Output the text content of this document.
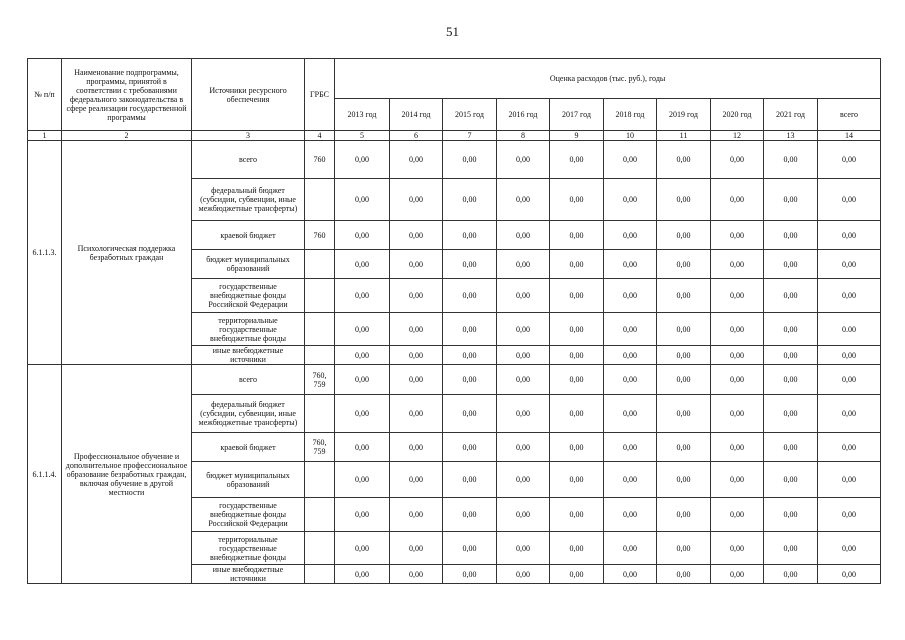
51
№ п/п	Наименование подпрограммы, программы, принятой в соответствии с требованиями федерального законодательства в сфере реализации государственной программы	Источники ресурсного обеспечения	ГРБС	Оценка расходов (тыс. руб.), годы									
				2013 год	2014 год	2015 год	2016 год	2017 год	2018 год	2019 год	2020 год	2021 год	всего
1	2	3	4	5	6	7	8	9	10	11	12	13	14
6.1.1.3.	Психологическая поддержка безработных граждан	всего	760	0,00	0,00	0,00	0,00	0,00	0,00	0,00	0,00	0,00	0,00
		федеральный бюджет (субсидии, субвенции, иные межбюджетные трансферты)		0,00	0,00	0,00	0,00	0,00	0,00	0,00	0,00	0,00	0,00
		краевой бюджет	760	0,00	0,00	0,00	0,00	0,00	0,00	0,00	0,00	0,00	0,00
		бюджет муниципальных образований		0,00	0,00	0,00	0,00	0,00	0,00	0,00	0,00	0,00	0,00
		государственные внебюджетные фонды Российской Федерации		0,00	0,00	0,00	0,00	0,00	0,00	0,00	0,00	0,00	0,00
		территориальные государственные внебюджетные фонды		0,00	0,00	0,00	0,00	0,00	0,00	0,00	0,00	0,00	0.00
		иные внебюджетные источники		0,00	0,00	0,00	0,00	0,00	0,00	0,00	0,00	0,00	0,00
6.1.1.4.	Профессиональное обучение и дополнительное профессиональное образование безработных граждан, включая обучение в другой местности	всего	760, 759	0,00	0,00	0,00	0,00	0,00	0,00	0,00	0,00	0,00	0,00
		федеральный бюджет (субсидии, субвенции, иные межбюджетные трансферты)		0,00	0,00	0,00	0,00	0,00	0,00	0,00	0,00	0,00	0,00
		краевой бюджет	760, 759	0,00	0,00	0,00	0,00	0,00	0,00	0,00	0,00	0,00	0,00
		бюджет муниципальных образований		0,00	0,00	0,00	0,00	0,00	0,00	0,00	0,00	0,00	0,00
		государственные внебюджетные фонды Российской Федерации		0,00	0,00	0,00	0,00	0,00	0,00	0,00	0,00	0,00	0,00
		территориальные государственные внебюджетные фонды		0,00	0,00	0,00	0,00	0,00	0,00	0,00	0,00	0,00	0,00
		иные внебюджетные источники		0,00	0,00	0,00	0,00	0,00	0,00	0,00	0,00	0,00	0,00
